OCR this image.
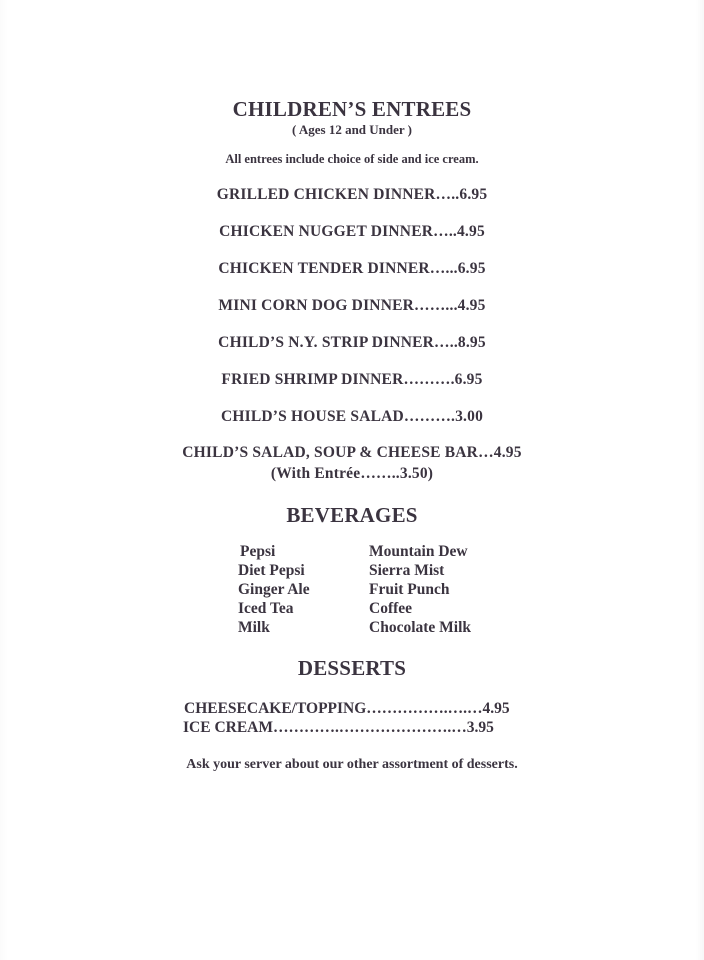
CHILDREN’S ENTREES
( Ages 12 and Under )
All entrees include choice of side and ice cream.
GRILLED CHICKEN DINNER…..6.95
CHICKEN NUGGET DINNER…..4.95
CHICKEN TENDER DINNER…...6.95
MINI CORN DOG DINNER……...4.95
CHILD’S N.Y. STRIP DINNER…..8.95
FRIED SHRIMP DINNER……….6.95
CHILD’S HOUSE SALAD……….3.00
CHILD’S SALAD, SOUP & CHEESE BAR…4.95
(With Entrée……..3.50)
BEVERAGES
Pepsi
Diet Pepsi
Ginger Ale
Iced Tea
Milk
Mountain Dew
Sierra Mist
Fruit Punch
Coffee
Chocolate Milk
DESSERTS
CHEESECAKE/TOPPING…………….….…4.95
ICE CREAM………….………………….…3.95
Ask your server about our other assortment of desserts.
